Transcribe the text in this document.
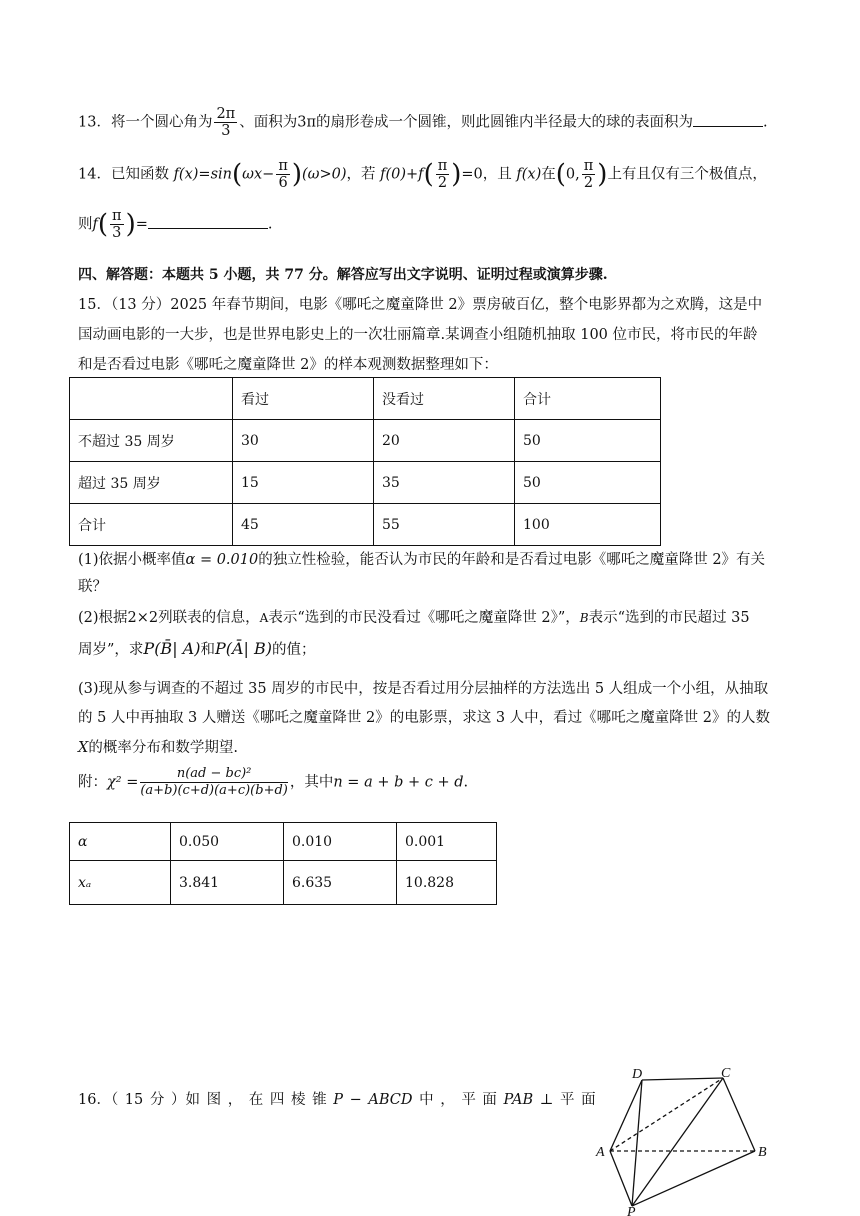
13．将一个圆心角为 $\frac{2\pi}{3}$ 、面积为3π的扇形卷成一个圆锥，则此圆锥内半径最大的球的表面积为	.
14．已知函数 $f(x)=\sin(\omega x- \frac{\pi}{6} )(\omega>0)$，若 $f(0)+f( \frac{\pi}{2} )=0$，且 f(x)在(0, $\frac{\pi}{2}$ )上有且仅有三个极值点，
则$f( \frac{\pi}{3}$ )=	.
四、解答题：本题共 5 小题，共 77 分。解答应写出文字说明、证明过程或演算步骤.
15．（13 分）2025 年春节期间，电影《哪吒之魔童降世 2》票房破百亿，整个电影界都为之欢腾，这是中
国动画电影的一大步，也是世界电影史上的一次壮丽篇章.某调查小组随机抽取 100 位市民，将市民的年龄
和是否看过电影《哪吒之魔童降世 2》的样本观测数据整理如下：
	看过	没看过	合计
不超过 35 周岁	30	20	50
超过 35 周岁	15	35	50
合计	45	55	100
(1)依据小概率值α = 0.010的独立性检验，能否认为市民的年龄和是否看过电影《哪吒之魔童降世 2》有关
联？
(2)根据2×2列联表的信息，A表示“选到的市民没看过《哪吒之魔童降世 2》”，B表示“选到的市民超过 35
周岁”，求P(B̄| A)和P(Ā| B)的值；
(3)现从参与调查的不超过 35 周岁的市民中，按是否看过用分层抽样的方法选出 5 人组成一个小组，从抽取
的 5 人中再抽取 3 人赠送《哪吒之魔童降世 2》的电影票，求这 3 人中，看过《哪吒之魔童降世 2》的人数
X的概率分布和数学期望.
附：$\chi^2 = \frac{\text{n(ad − bc)²}}{(a+b)(c+d)(a+c)(b+d)}$ ，其中n = a + b + c + d.
α	0.050	0.010	0.001
xₐ	3.841	6.635	10.828
16．（ 15 分 ）如 图 ， 在 四 棱 锥 P − ABCD 中 ， 平 面 PAB ⊥ 平 面
D	C
A	B
P
